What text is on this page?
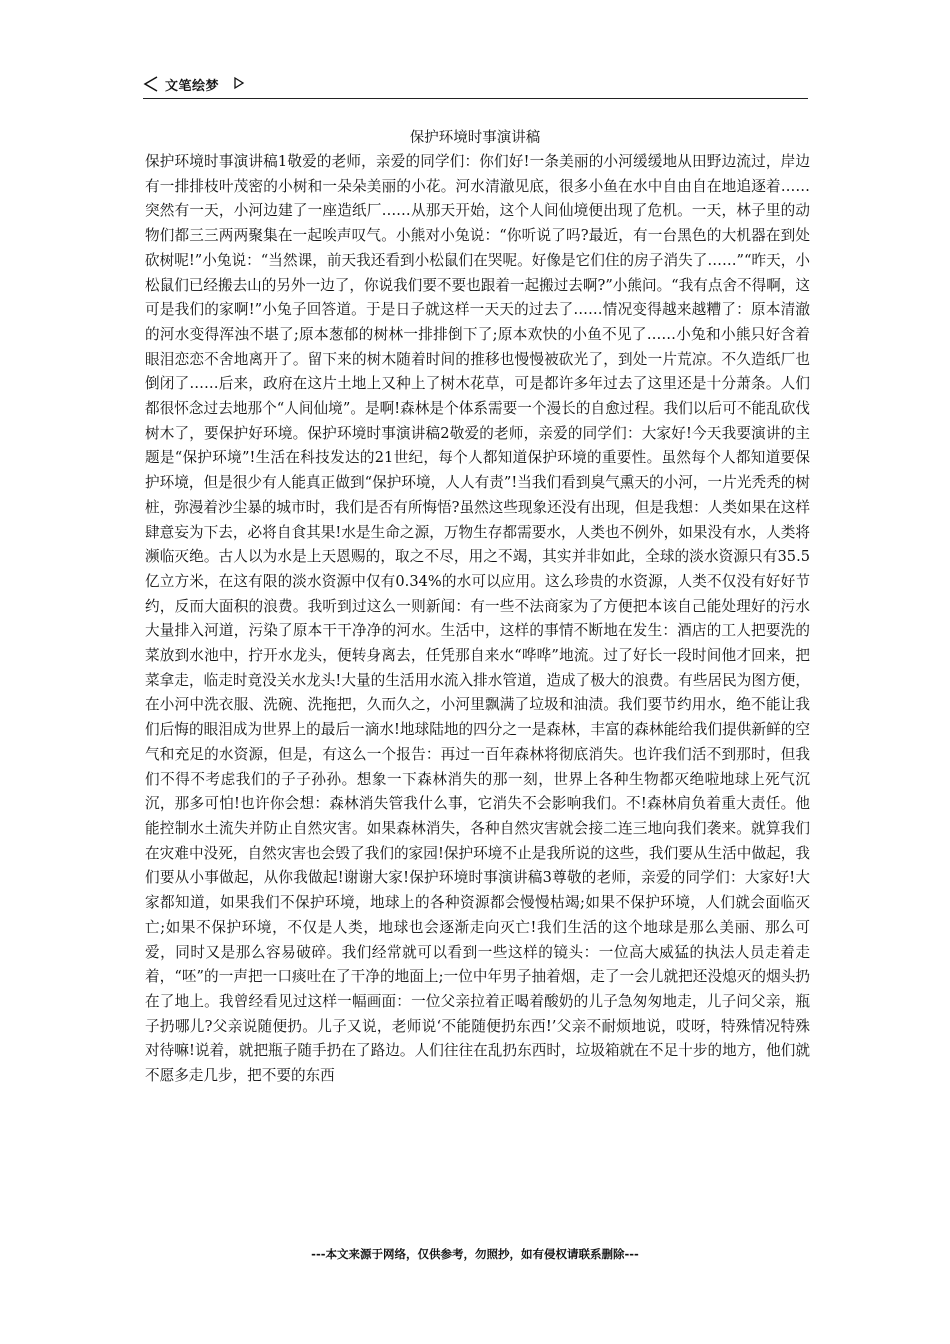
文笔绘梦
保护环境时事演讲稿

保护环境时事演讲稿1敬爱的老师，亲爱的同学们：你们好!一条美丽的小河缓缓地从田野边流过，岸边有一排排枝叶茂密的小树和一朵朵美丽的小花。河水清澈见底，很多小鱼在水中自由自在地追逐着……突然有一天，小河边建了一座造纸厂……从那天开始，这个人间仙境便出现了危机。一天，林子里的动物们都三三两两聚集在一起唉声叹气。小熊对小兔说：“你听说了吗?最近，有一台黑色的大机器在到处砍树呢!”小兔说：“当然课，前天我还看到小松鼠们在哭呢。好像是它们住的房子消失了……”“昨天，小松鼠们已经搬去山的另外一边了，你说我们要不要也跟着一起搬过去啊?”小熊问。“我有点舍不得啊，这可是我们的家啊!”小兔子回答道。于是日子就这样一天天的过去了……情况变得越来越糟了：原本清澈的河水变得浑浊不堪了;原本葱郁的树林一排排倒下了;原本欢快的小鱼不见了……小兔和小熊只好含着眼泪恋恋不舍地离开了。留下来的树木随着时间的推移也慢慢被砍光了，到处一片荒凉。不久造纸厂也倒闭了……后来，政府在这片土地上又种上了树木花草，可是都许多年过去了这里还是十分萧条。人们都很怀念过去地那个“人间仙境”。是啊!森林是个体系需要一个漫长的自愈过程。我们以后可不能乱砍伐树木了，要保护好环境。保护环境时事演讲稿2敬爱的老师，亲爱的同学们：大家好!今天我要演讲的主题是“保护环境”!生活在科技发达的21世纪，每个人都知道保护环境的重要性。虽然每个人都知道要保护环境，但是很少有人能真正做到“保护环境，人人有责”!当我们看到臭气熏天的小河，一片光秃秃的树桩，弥漫着沙尘暴的城市时，我们是否有所悔悟?虽然这些现象还没有出现，但是我想：人类如果在这样肆意妄为下去，必将自食其果!水是生命之源，万物生存都需要水，人类也不例外，如果没有水，人类将濒临灭绝。古人以为水是上天恩赐的，取之不尽，用之不竭，其实并非如此，全球的淡水资源只有35.5亿立方米，在这有限的淡水资源中仅有0.34%的水可以应用。这么珍贵的水资源，人类不仅没有好好节约，反而大面积的浪费。我听到过这么一则新闻：有一些不法商家为了方便把本该自己能处理好的污水大量排入河道，污染了原本干干净净的河水。生活中，这样的事情不断地在发生：酒店的工人把要洗的菜放到水池中，拧开水龙头，便转身离去，任凭那自来水“哗哗”地流。过了好长一段时间他才回来，把菜拿走，临走时竟没关水龙头!大量的生活用水流入排水管道，造成了极大的浪费。有些居民为图方便，在小河中洗衣服、洗碗、洗拖把，久而久之，小河里飘满了垃圾和油渍。我们要节约用水，绝不能让我们后悔的眼泪成为世界上的最后一滴水!地球陆地的四分之一是森林，丰富的森林能给我们提供新鲜的空气和充足的水资源，但是，有这么一个报告：再过一百年森林将彻底消失。也许我们活不到那时，但我们不得不考虑我们的子子孙孙。想象一下森林消失的那一刻，世界上各种生物都灭绝啦地球上死气沉沉，那多可怕!也许你会想：森林消失管我什么事，它消失不会影响我们。不!森林肩负着重大责任。他能控制水土流失并防止自然灾害。如果森林消失，各种自然灾害就会接二连三地向我们袭来。就算我们在灾难中没死，自然灾害也会毁了我们的家园!保护环境不止是我所说的这些，我们要从生活中做起，我们要从小事做起，从你我做起!谢谢大家!保护环境时事演讲稿3尊敬的老师，亲爱的同学们：大家好!大家都知道，如果我们不保护环境，地球上的各种资源都会慢慢枯竭;如果不保护环境，人们就会面临灭亡;如果不保护环境，不仅是人类，地球也会逐渐走向灭亡!我们生活的这个地球是那么美丽、那么可爱，同时又是那么容易破碎。我们经常就可以看到一些这样的镜头：一位高大威猛的执法人员走着走着，“呸”的一声把一口痰吐在了干净的地面上;一位中年男子抽着烟，走了一会儿就把还没熄灭的烟头扔在了地上。我曾经看见过这样一幅画面：一位父亲拉着正喝着酸奶的儿子急匆匆地走，儿子问父亲，瓶子扔哪儿?父亲说随便扔。儿子又说，老师说‘不能随便扔东西!’父亲不耐烦地说，哎呀，特殊情况特殊对待嘛!说着，就把瓶子随手扔在了路边。人们往往在乱扔东西时，垃圾箱就在不足十步的地方，他们就不愿多走几步，把不要的东西

---本文来源于网络，仅供参考，勿照抄，如有侵权请联系删除---
